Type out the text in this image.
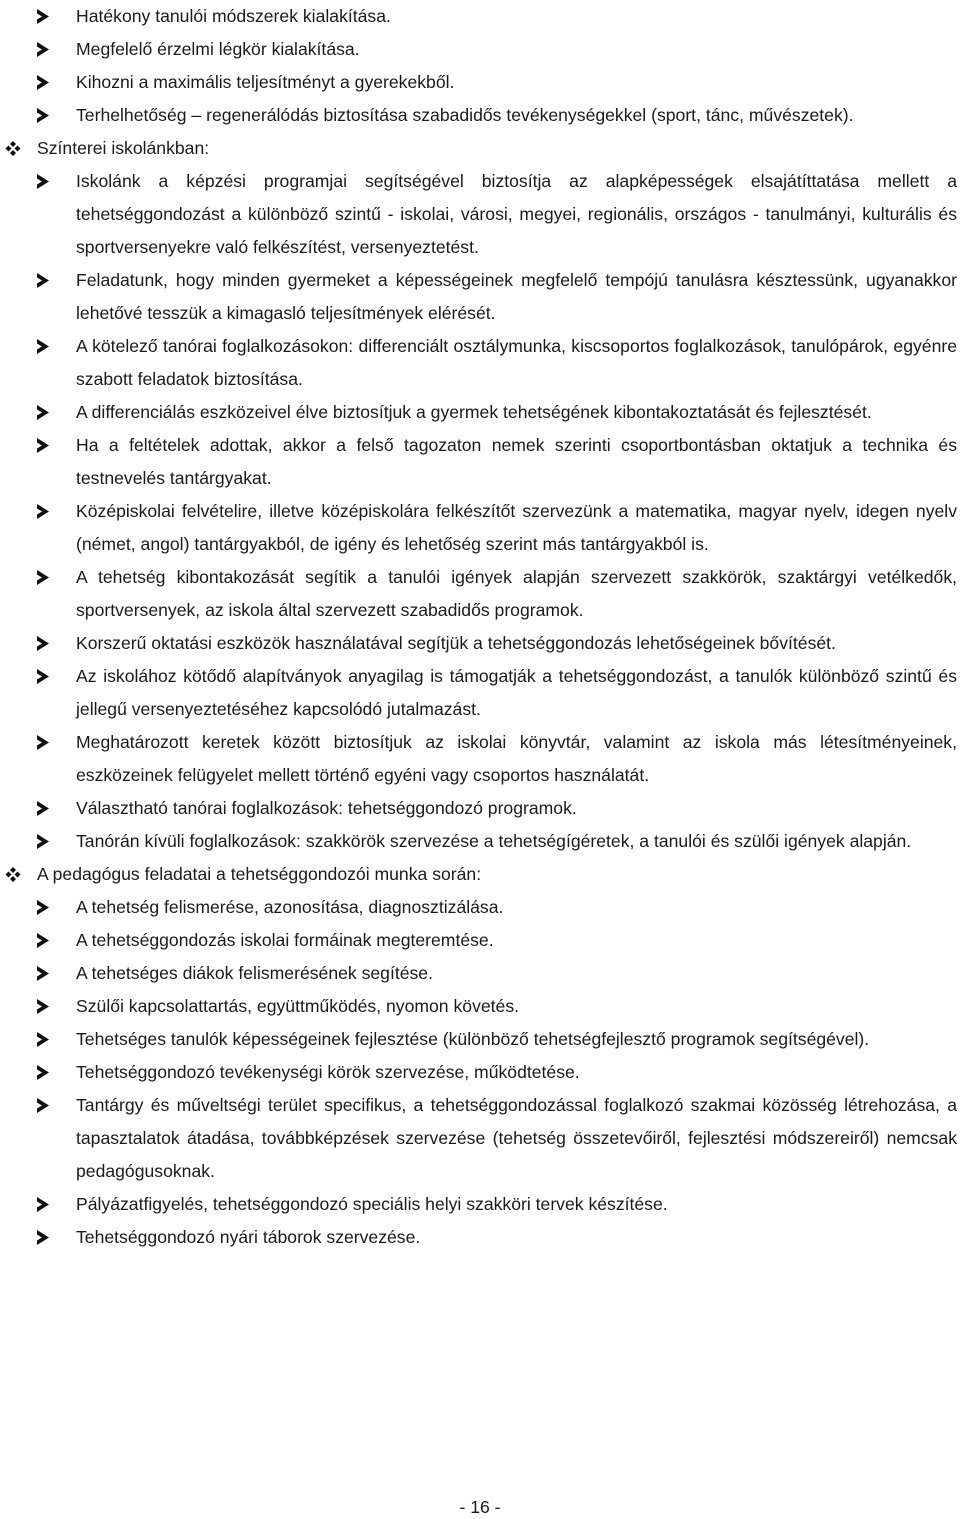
Hatékony tanulói módszerek kialakítása.
Megfelelő érzelmi légkör kialakítása.
Kihozni a maximális teljesítményt a gyerekekből.
Terhelhetőség – regenerálódás biztosítása szabadidős tevékenységekkel (sport, tánc, művészetek).
Színterei iskolánkban:
Iskolánk a képzési programjai segítségével biztosítja az alapképességek elsajátíttatása mellett a tehetséggondozást a különböző szintű - iskolai, városi, megyei, regionális, országos - tanulmányi, kulturális és sportversenyekre való felkészítést, versenyeztetést.
Feladatunk, hogy minden gyermeket a képességeinek megfelelő tempójú tanulásra késztessünk, ugyanakkor lehetővé tesszük a kimagasló teljesítmények elérését.
A kötelező tanórai foglalkozásokon: differenciált osztálymunka, kiscsoportos foglalkozások, tanulópárok, egyénre szabott feladatok biztosítása.
A differenciálás eszközeivel élve biztosítjuk a gyermek tehetségének kibontakoztatását és fejlesztését.
Ha a feltételek adottak, akkor a felső tagozaton nemek szerinti csoportbontásban oktatjuk a technika és testnevelés tantárgyakat.
Középiskolai felvételire, illetve középiskolára felkészítőt szervezünk a matematika, magyar nyelv, idegen nyelv (német, angol) tantárgyakból, de igény és lehetőség szerint más tantárgyakból is.
A tehetség kibontakozását segítik a tanulói igények alapján szervezett szakkörök, szaktárgyi vetélkedők, sportversenyek, az iskola által szervezett szabadidős programok.
Korszerű oktatási eszközök használatával segítjük a tehetséggondozás lehetőségeinek bővítését.
Az iskolához kötődő alapítványok anyagilag is támogatják a tehetséggondozást, a tanulók különböző szintű és jellegű versenyeztetéséhez kapcsolódó jutalmazást.
Meghatározott keretek között biztosítjuk az iskolai könyvtár, valamint az iskola más létesítményeinek, eszközeinek felügyelet mellett történő egyéni vagy csoportos használatát.
Választható tanórai foglalkozások: tehetséggondozó programok.
Tanórán kívüli foglalkozások: szakkörök szervezése a tehetségígéretek, a tanulói és szülői igények alapján.
A pedagógus feladatai a tehetséggondozói munka során:
A tehetség felismerése, azonosítása, diagnosztizálása.
A tehetséggondozás iskolai formáinak megteremtése.
A tehetséges diákok felismerésének segítése.
Szülői kapcsolattartás, együttműködés, nyomon követés.
Tehetséges tanulók képességeinek fejlesztése (különböző tehetségfejlesztő programok segítségével).
Tehetséggondozó tevékenységi körök szervezése, működtetése.
Tantárgy és műveltségi terület specifikus, a tehetséggondozással foglalkozó szakmai közösség létrehozása, a tapasztalatok átadása, továbbképzések szervezése (tehetség összetevőiről, fejlesztési módszereiről) nemcsak pedagógusoknak.
Pályázatfigyelés, tehetséggondozó speciális helyi szakköri tervek készítése.
Tehetséggondozó nyári táborok szervezése.
- 16 -
